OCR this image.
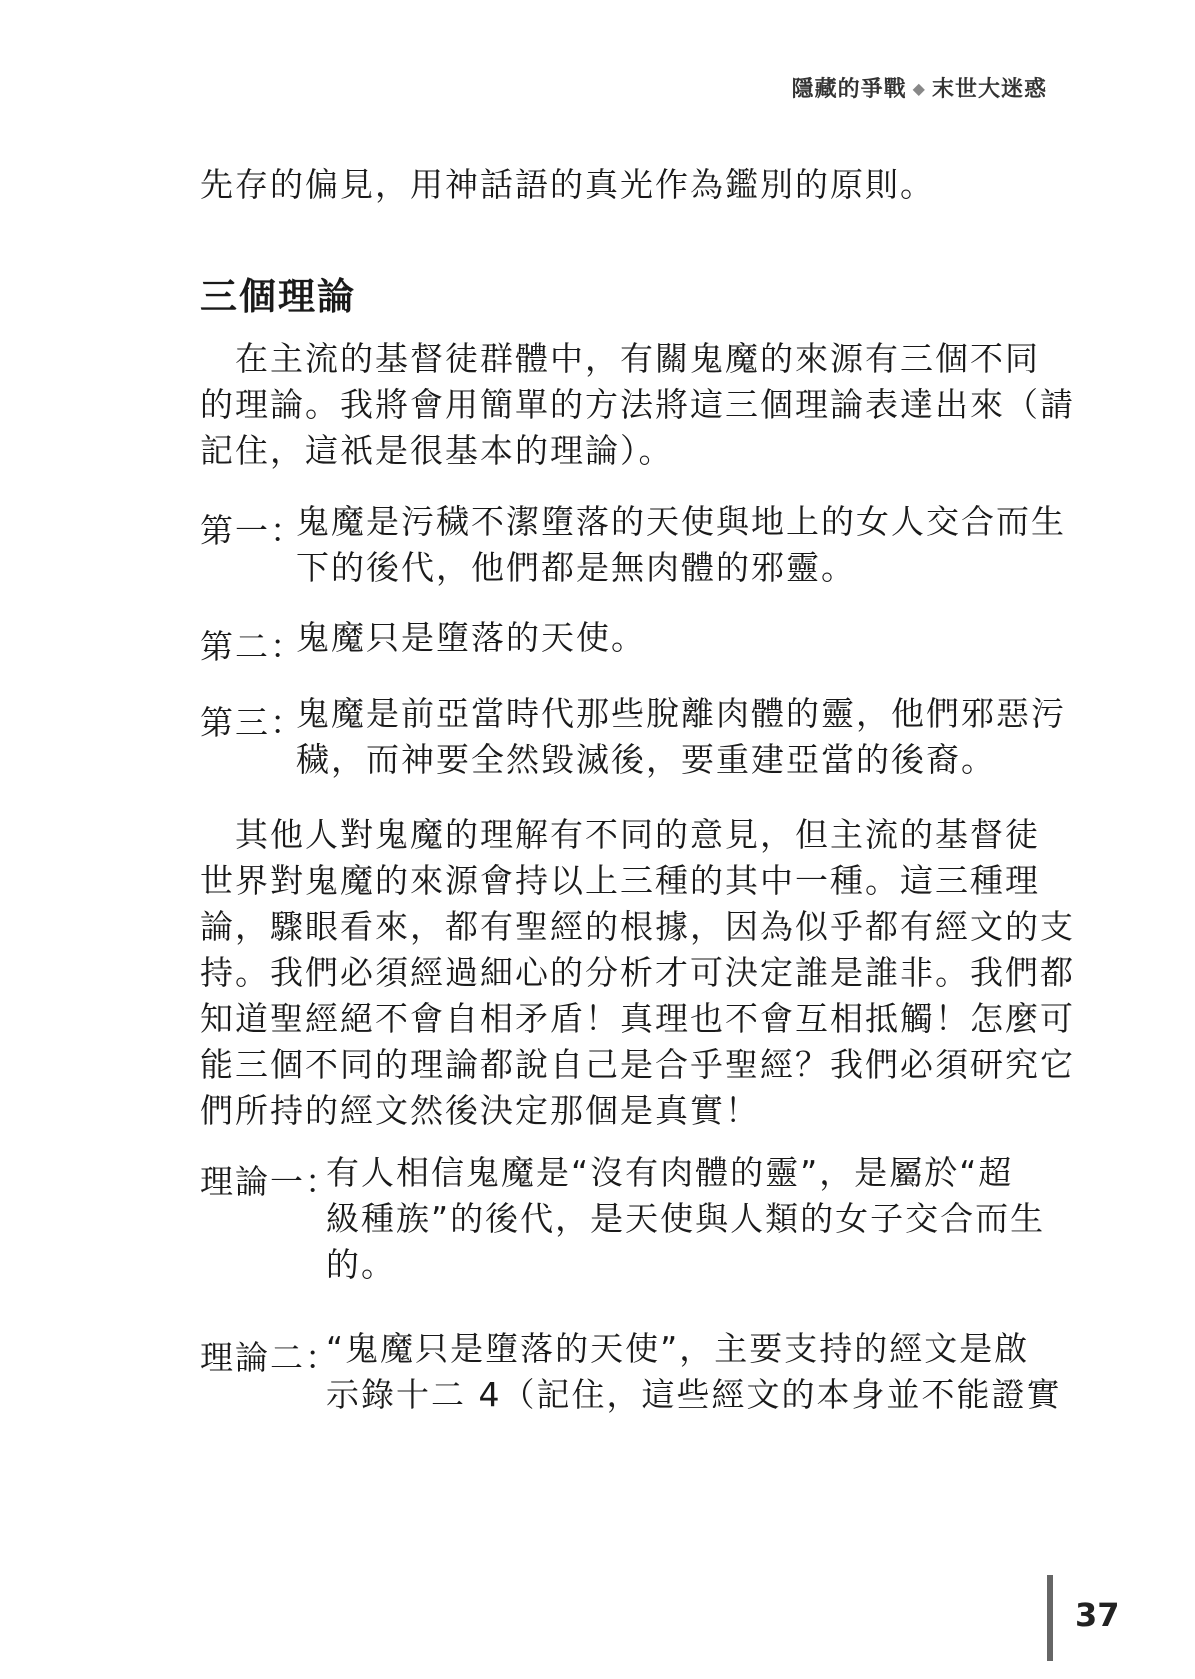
隱藏的爭戰 ◆ 末世大迷惑
先存的偏見，用神話語的真光作為鑑別的原則。
三個理論
　在主流的基督徒群體中，有關鬼魔的來源有三個不同
的理論。我將會用簡單的方法將這三個理論表達出來（請
記住，這祇是很基本的理論）。
第一：
鬼魔是污穢不潔墮落的天使與地上的女人交合而生
下的後代，他們都是無肉體的邪靈。
第二：
鬼魔只是墮落的天使。
第三：
鬼魔是前亞當時代那些脫離肉體的靈，他們邪惡污
穢，而神要全然毀滅後，要重建亞當的後裔。
　其他人對鬼魔的理解有不同的意見，但主流的基督徒
世界對鬼魔的來源會持以上三種的其中一種。這三種理
論，驟眼看來，都有聖經的根據，因為似乎都有經文的支
持。我們必須經過細心的分析才可決定誰是誰非。我們都
知道聖經絕不會自相矛盾！真理也不會互相抵觸！怎麼可
能三個不同的理論都說自己是合乎聖經？我們必須研究它
們所持的經文然後決定那個是真實！
理論一：
有人相信鬼魔是“沒有肉體的靈”，是屬於“超
級種族”的後代，是天使與人類的女子交合而生
的。
理論二：
“鬼魔只是墮落的天使”，主要支持的經文是啟
示錄十二 4（記住，這些經文的本身並不能證實
37
